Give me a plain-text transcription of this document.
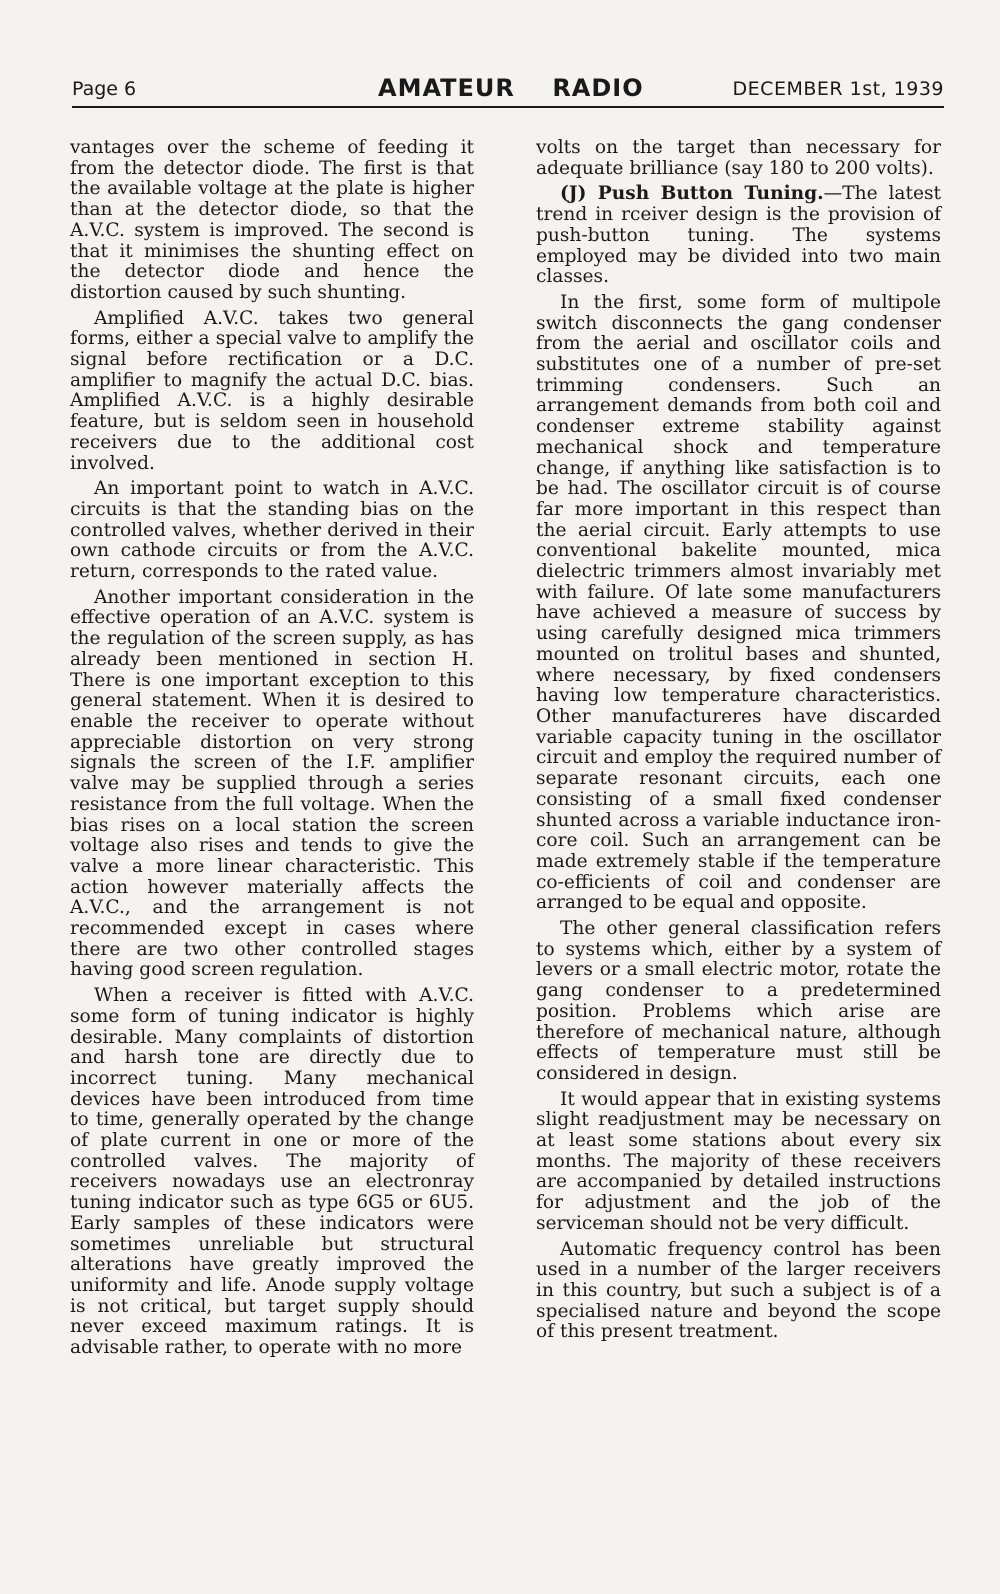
Page 6	AMATEUR    RADIO	DECEMBER 1st, 1939

vantages over the scheme of feeding it from the detector diode. The first is that the available voltage at the plate is higher than at the detector diode, so that the A.V.C. system is improved. The second is that it minimises the shunting effect on the detector diode and hence the distortion caused by such shunting.

Amplified A.V.C. takes two general forms, either a special valve to amplify the signal before rectification or a D.C. amplifier to magnify the actual D.C. bias. Amplified A.V.C. is a highly desirable feature, but is seldom seen in household receivers due to the additional cost involved.

An important point to watch in A.V.C. circuits is that the standing bias on the controlled valves, whether derived in their own cathode circuits or from the A.V.C. return, corresponds to the rated value.

Another important consideration in the effective operation of an A.V.C. system is the regulation of the screen supply, as has already been mentioned in section H. There is one important exception to this general statement. When it is desired to enable the receiver to operate without appreciable distortion on very strong signals the screen of the I.F. amplifier valve may be supplied through a series resistance from the full voltage. When the bias rises on a local station the screen voltage also rises and tends to give the valve a more linear characteristic. This action however materially affects the A.V.C., and the arrangement is not recommended except in cases where there are two other controlled stages having good screen regulation.

When a receiver is fitted with A.V.C. some form of tuning indicator is highly desirable. Many complaints of distortion and harsh tone are directly due to incorrect tuning. Many mechanical devices have been introduced from time to time, generally operated by the change of plate current in one or more of the controlled valves. The majority of receivers nowadays use an electronray tuning indicator such as type 6G5 or 6U5. Early samples of these indicators were sometimes unreliable but structural alterations have greatly improved the uniformity and life. Anode supply voltage is not critical, but target supply should never exceed maximum ratings. It is advisable rather, to operate with no more

volts on the target than necessary for adequate brilliance (say 180 to 200 volts).

(J) Push Button Tuning.—The latest trend in rceiver design is the provision of push-button tuning. The systems employed may be divided into two main classes.

In the first, some form of multipole switch disconnects the gang condenser from the aerial and oscillator coils and substitutes one of a number of pre-set trimming condensers. Such an arrangement demands from both coil and condenser extreme stability against mechanical shock and temperature change, if anything like satisfaction is to be had. The oscillator circuit is of course far more important in this respect than the aerial circuit. Early attempts to use conventional bakelite mounted, mica dielectric trimmers almost invariably met with failure. Of late some manufacturers have achieved a measure of success by using carefully designed mica trimmers mounted on trolitul bases and shunted, where necessary, by fixed condensers having low temperature characteristics. Other manufactureres have discarded variable capacity tuning in the oscillator circuit and employ the required number of separate resonant circuits, each one consisting of a small fixed condenser shunted across a variable inductance iron-core coil. Such an arrangement can be made extremely stable if the temperature co-efficients of coil and condenser are arranged to be equal and opposite.

The other general classification refers to systems which, either by a system of levers or a small electric motor, rotate the gang condenser to a predetermined position. Problems which arise are therefore of mechanical nature, although effects of temperature must still be considered in design.

It would appear that in existing systems slight readjustment may be necessary on at least some stations about every six months. The majority of these receivers are accompanied by detailed instructions for adjustment and the job of the serviceman should not be very difficult.

Automatic frequency control has been used in a number of the larger receivers in this country, but such a subject is of a specialised nature and beyond the scope of this present treatment.
